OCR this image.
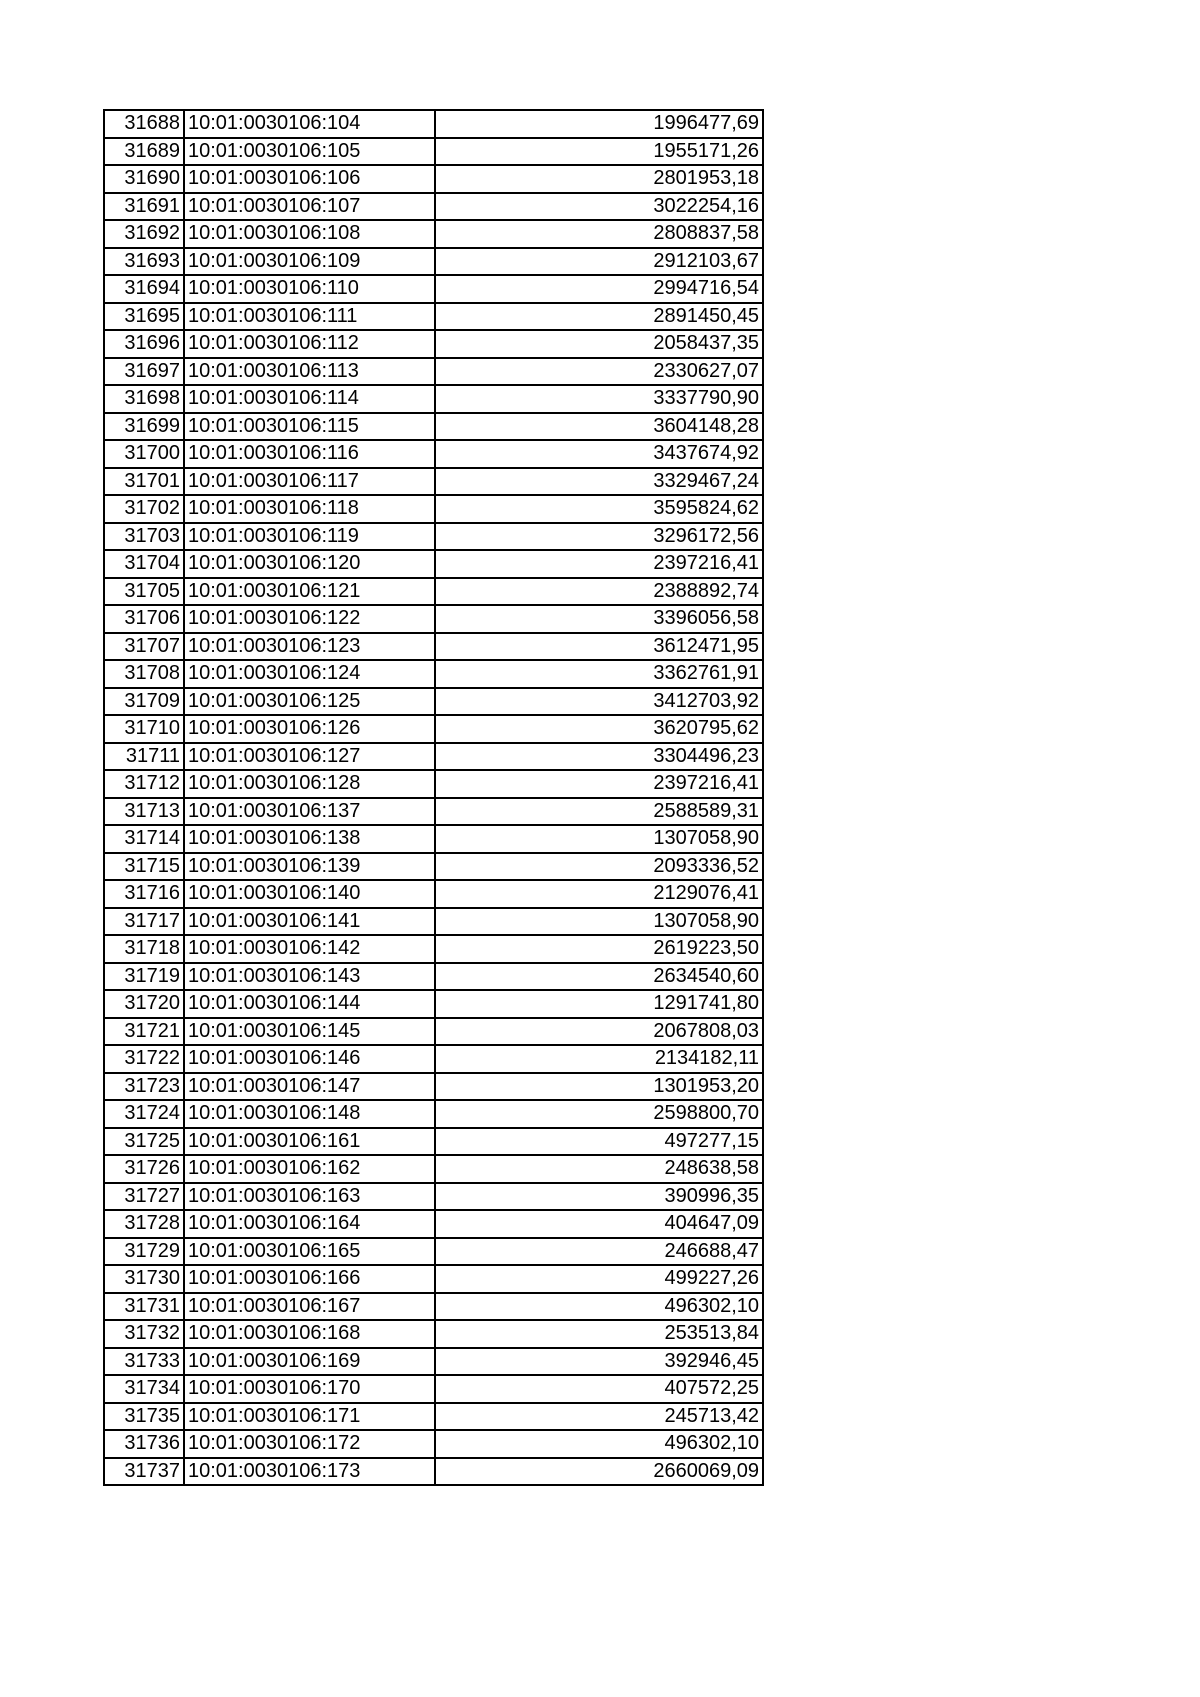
31688	10:01:0030106:104	1996477,69
31689	10:01:0030106:105	1955171,26
31690	10:01:0030106:106	2801953,18
31691	10:01:0030106:107	3022254,16
31692	10:01:0030106:108	2808837,58
31693	10:01:0030106:109	2912103,67
31694	10:01:0030106:110	2994716,54
31695	10:01:0030106:111	2891450,45
31696	10:01:0030106:112	2058437,35
31697	10:01:0030106:113	2330627,07
31698	10:01:0030106:114	3337790,90
31699	10:01:0030106:115	3604148,28
31700	10:01:0030106:116	3437674,92
31701	10:01:0030106:117	3329467,24
31702	10:01:0030106:118	3595824,62
31703	10:01:0030106:119	3296172,56
31704	10:01:0030106:120	2397216,41
31705	10:01:0030106:121	2388892,74
31706	10:01:0030106:122	3396056,58
31707	10:01:0030106:123	3612471,95
31708	10:01:0030106:124	3362761,91
31709	10:01:0030106:125	3412703,92
31710	10:01:0030106:126	3620795,62
31711	10:01:0030106:127	3304496,23
31712	10:01:0030106:128	2397216,41
31713	10:01:0030106:137	2588589,31
31714	10:01:0030106:138	1307058,90
31715	10:01:0030106:139	2093336,52
31716	10:01:0030106:140	2129076,41
31717	10:01:0030106:141	1307058,90
31718	10:01:0030106:142	2619223,50
31719	10:01:0030106:143	2634540,60
31720	10:01:0030106:144	1291741,80
31721	10:01:0030106:145	2067808,03
31722	10:01:0030106:146	2134182,11
31723	10:01:0030106:147	1301953,20
31724	10:01:0030106:148	2598800,70
31725	10:01:0030106:161	497277,15
31726	10:01:0030106:162	248638,58
31727	10:01:0030106:163	390996,35
31728	10:01:0030106:164	404647,09
31729	10:01:0030106:165	246688,47
31730	10:01:0030106:166	499227,26
31731	10:01:0030106:167	496302,10
31732	10:01:0030106:168	253513,84
31733	10:01:0030106:169	392946,45
31734	10:01:0030106:170	407572,25
31735	10:01:0030106:171	245713,42
31736	10:01:0030106:172	496302,10
31737	10:01:0030106:173	2660069,09
